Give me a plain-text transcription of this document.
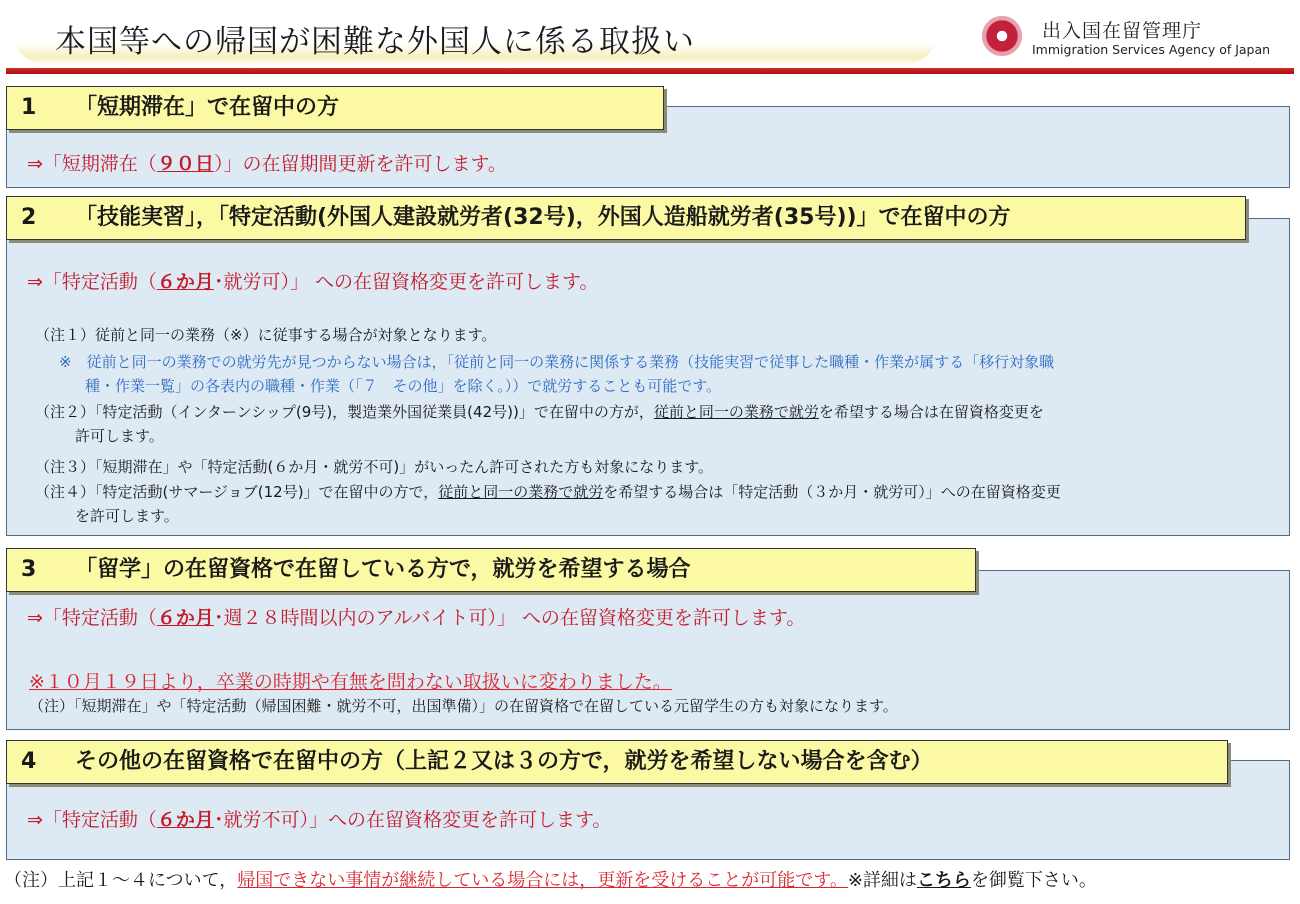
本国等への帰国が困難な外国人に係る取扱い	出入国在留管理庁
Immigration Services Agency of Japan
⇒「短期滞在（９０日）」の在留期間更新を許可します。
1 「短期滞在」で在留中の方
⇒「特定活動（６か月･就労可）」 への在留資格変更を許可します。
（注１）従前と同一の業務（※）に従事する場合が対象となります。
※　従前と同一の業務での就労先が見つからない場合は，「従前と同一の業務に関係する業務（技能実習で従事した職種・作業が属する「移行対象職
種・作業一覧」の各表内の職種・作業（「７　その他」を除く。））で就労することも可能です。
（注２）「特定活動（インターンシップ(9号)，製造業外国従業員(42号))」で在留中の方が，従前と同一の業務で就労を希望する場合は在留資格変更を
許可します。
（注３）「短期滞在」や「特定活動(６か月・就労不可)」がいったん許可された方も対象になります。
（注４）「特定活動(サマージョブ(12号)」で在留中の方で，従前と同一の業務で就労を希望する場合は「特定活動（３か月・就労可）」への在留資格変更
を許可します。
2 「技能実習」，「特定活動(外国人建設就労者(32号)，外国人造船就労者(35号))」で在留中の方
⇒「特定活動（６か月･週２８時間以内のアルバイト可）」 への在留資格変更を許可します。
※１０月１９日より，卒業の時期や有無を問わない取扱いに変わりました。
（注）「短期滞在」や「特定活動（帰国困難・就労不可，出国準備）」の在留資格で在留している元留学生の方も対象になります。
3 「留学」の在留資格で在留している方で，就労を希望する場合
⇒「特定活動（６か月･就労不可）」への在留資格変更を許可します。
4 その他の在留資格で在留中の方（上記２又は３の方で，就労を希望しない場合を含む）
（注）上記１～４について，帰国できない事情が継続している場合には，更新を受けることが可能です。※詳細はこちらを御覧下さい。
